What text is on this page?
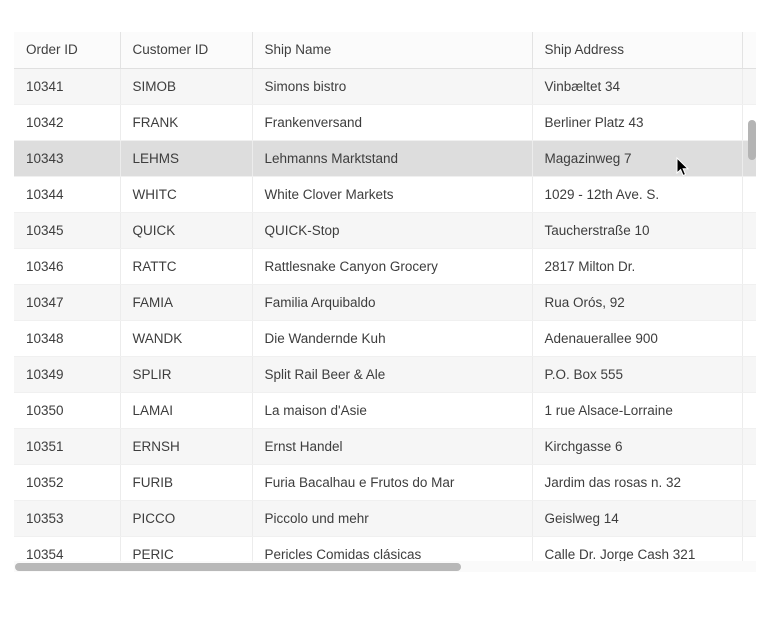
Order ID	Customer ID	Ship Name	Ship Address	
10341	SIMOB	Simons bistro	Vinbæltet 34	
10342	FRANK	Frankenversand	Berliner Platz 43	
10343	LEHMS	Lehmanns Marktstand	Magazinweg 7	
10344	WHITC	White Clover Markets	1029 - 12th Ave. S.	
10345	QUICK	QUICK-Stop	Taucherstraße 10	
10346	RATTC	Rattlesnake Canyon Grocery	2817 Milton Dr.	
10347	FAMIA	Familia Arquibaldo	Rua Orós, 92	
10348	WANDK	Die Wandernde Kuh	Adenauerallee 900	
10349	SPLIR	Split Rail Beer & Ale	P.O. Box 555	
10350	LAMAI	La maison d'Asie	1 rue Alsace-Lorraine	
10351	ERNSH	Ernst Handel	Kirchgasse 6	
10352	FURIB	Furia Bacalhau e Frutos do Mar	Jardim das rosas n. 32	
10353	PICCO	Piccolo und mehr	Geislweg 14	
10354	PERIC	Pericles Comidas clásicas	Calle Dr. Jorge Cash 321	
